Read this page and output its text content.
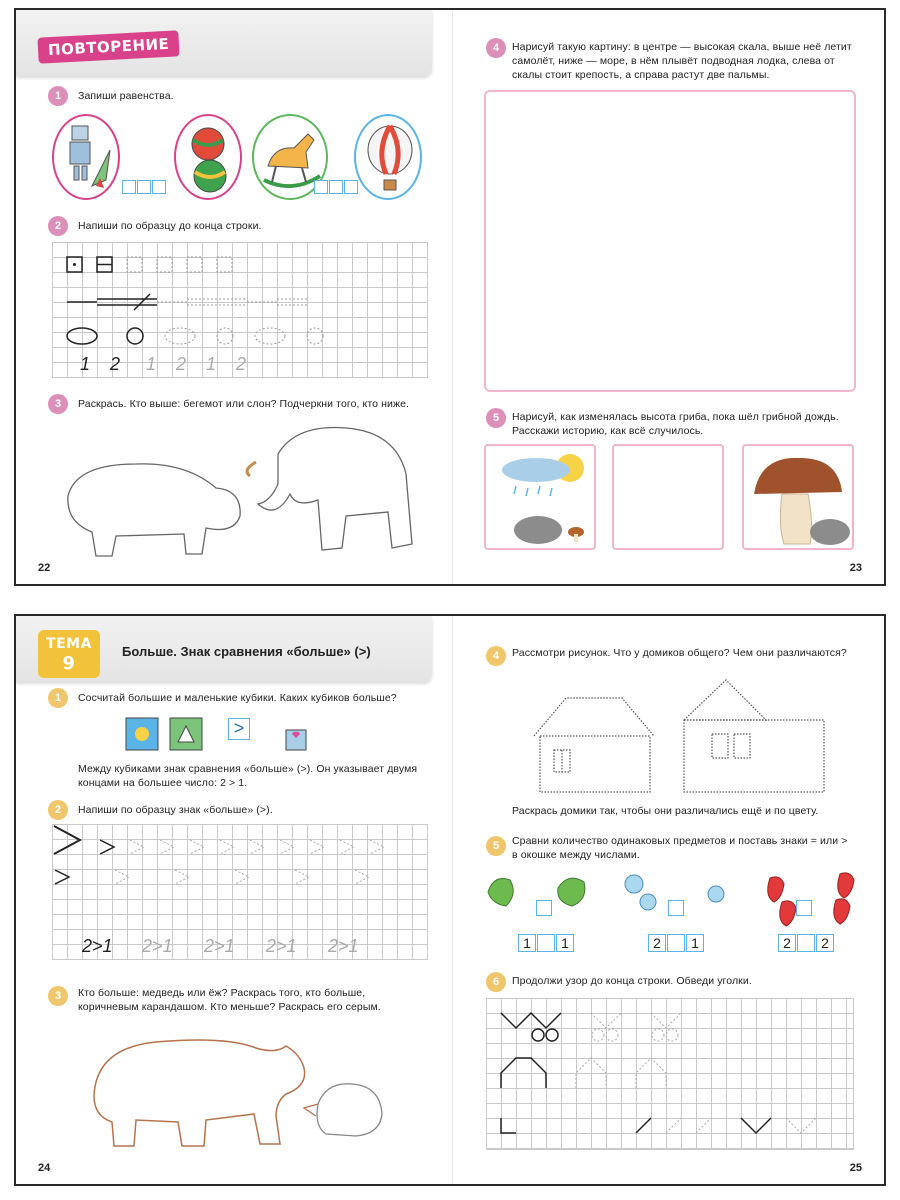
ПОВТОРЕНИЕ
1	Запиши равенства.
2	Напиши по образцу до конца строки.
1 2 1 2 1 2
3	Раскрась. Кто выше: бегемот или слон? Подчеркни того, кто ниже.
22
4	Нарисуй такую картину: в центре — высокая скала, выше неё летит самолёт, ниже — море, в нём плывёт подводная лодка, слева от скалы стоит крепость, а справа растут две пальмы.
5	Нарисуй, как изменялась высота гриба, пока шёл грибной дождь. Расскажи историю, как всё случилось.
23
ТЕМА
9
Больше. Знак сравнения «больше» (>)
1	Сосчитай большие и маленькие кубики. Каких кубиков больше?
>
Между кубиками знак сравнения «больше» (>). Он указывает двумя концами на большее число: 2 > 1.
2	Напиши по образцу знак «больше» (>).
2>1 2>1 2>1 2>1 2>1
3	Кто больше: медведь или ёж? Раскрась того, кто больше, коричневым карандашом. Кто меньше? Раскрась его серым.
24
4	Рассмотри рисунок. Что у домиков общего? Чем они различаются?
Раскрась домики так, чтобы они различались ещё и по цвету.
5	Сравни количество одинаковых предметов и поставь знаки = или > в окошке между числами.
1	1	2	1	2	2
6	Продолжи узор до конца строки. Обведи уголки.
25
